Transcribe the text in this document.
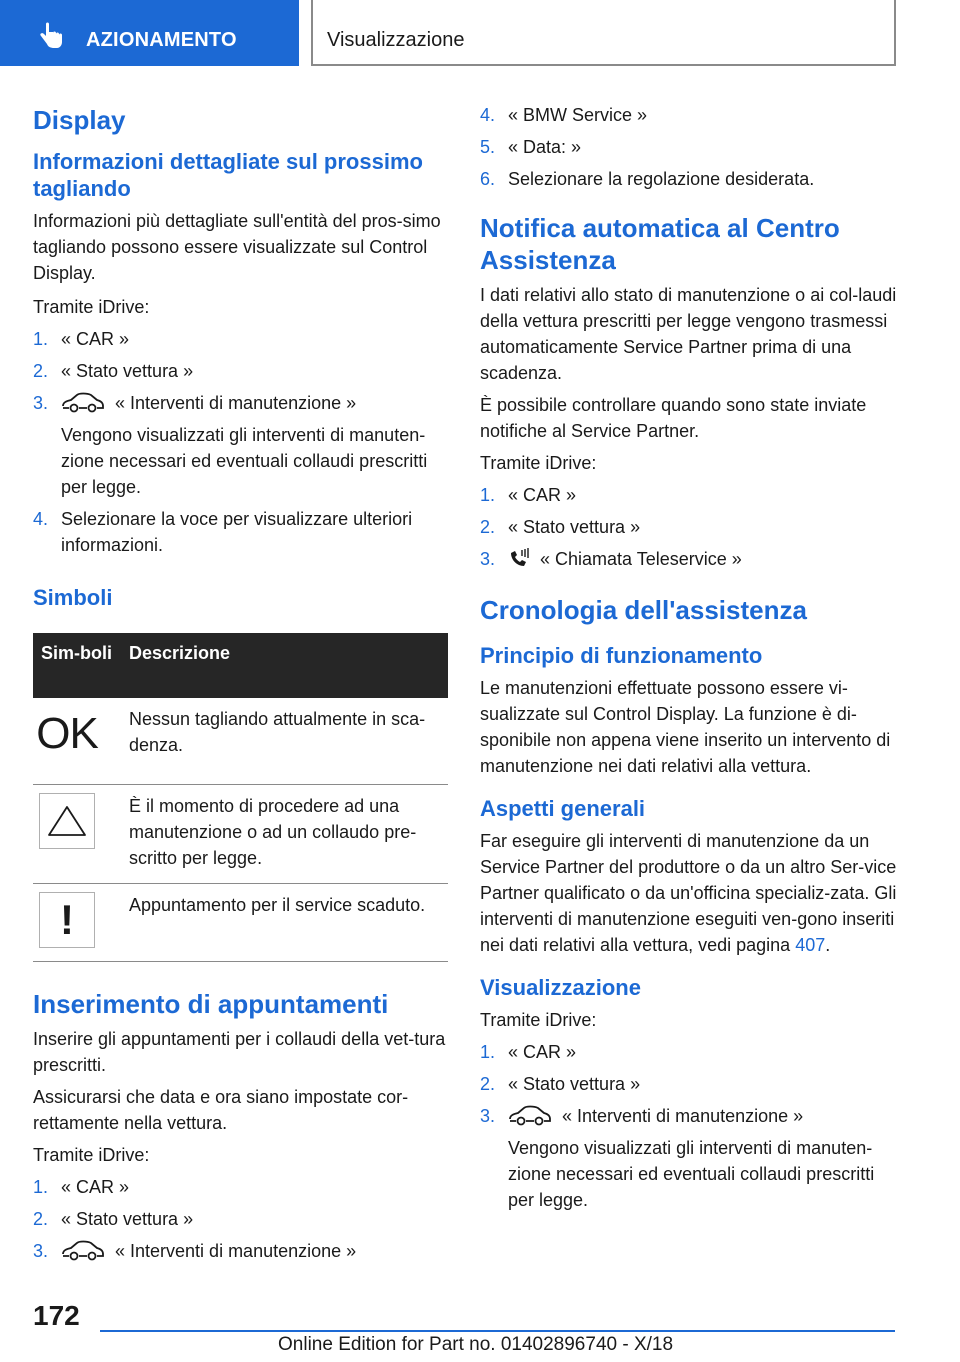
AZIONAMENTO	Visualizzazione
Display
Informazioni dettagliate sul prossimo tagliando

Informazioni più dettagliate sull'entità del pros-simo tagliando possono essere visualizzate sul Control Display.

Tramite iDrive:

1. « CAR »
2. « Stato vettura »
3.	« Interventi di manutenzione »

Vengono visualizzati gli interventi di manuten-zione necessari ed eventuali collaudi prescritti per legge.

4. Selezionare la voce per visualizzare ulteriori informazioni.
Simboli
Sim-boli	Descrizione

OK	Nessun tagliando attualmente in sca-denza.

	È il momento di procedere ad una manutenzione o ad un collaudo pre-scritto per legge.

!	Appuntamento per il service scaduto.
Inserimento di appuntamenti

Inserire gli appuntamenti per i collaudi della vet-tura prescritti.

Assicurarsi che data e ora siano impostate cor-rettamente nella vettura.

Tramite iDrive:

1. « CAR »
2. « Stato vettura »
3.	« Interventi di manutenzione »
4. « BMW Service »
5. « Data: »
6. Selezionare la regolazione desiderata.
Notifica automatica al Centro Assistenza

I dati relativi allo stato di manutenzione o ai col-laudi della vettura prescritti per legge vengono trasmessi automaticamente Service Partner prima di una scadenza.

È possibile controllare quando sono state inviate notifiche al Service Partner.

Tramite iDrive:

1. « CAR »
2. « Stato vettura »
3. « Chiamata Teleservice »
Cronologia dell'assistenza
Principio di funzionamento

Le manutenzioni effettuate possono essere vi-sualizzate sul Control Display. La funzione è di-sponibile non appena viene inserito un intervento di manutenzione nei dati relativi alla vettura.

Aspetti generali

Far eseguire gli interventi di manutenzione da un Service Partner del produttore o da un altro Ser-vice Partner qualificato o da un'officina specializ-zata. Gli interventi di manutenzione eseguiti ven-gono inseriti nei dati relativi alla vettura, vedi pagina 407.

Visualizzazione

Tramite iDrive:

1. « CAR »
2. « Stato vettura »
3.	« Interventi di manutenzione »

Vengono visualizzati gli interventi di manuten-zione necessari ed eventuali collaudi prescritti per legge.

172
Online Edition for Part no. 01402896740 - X/18
